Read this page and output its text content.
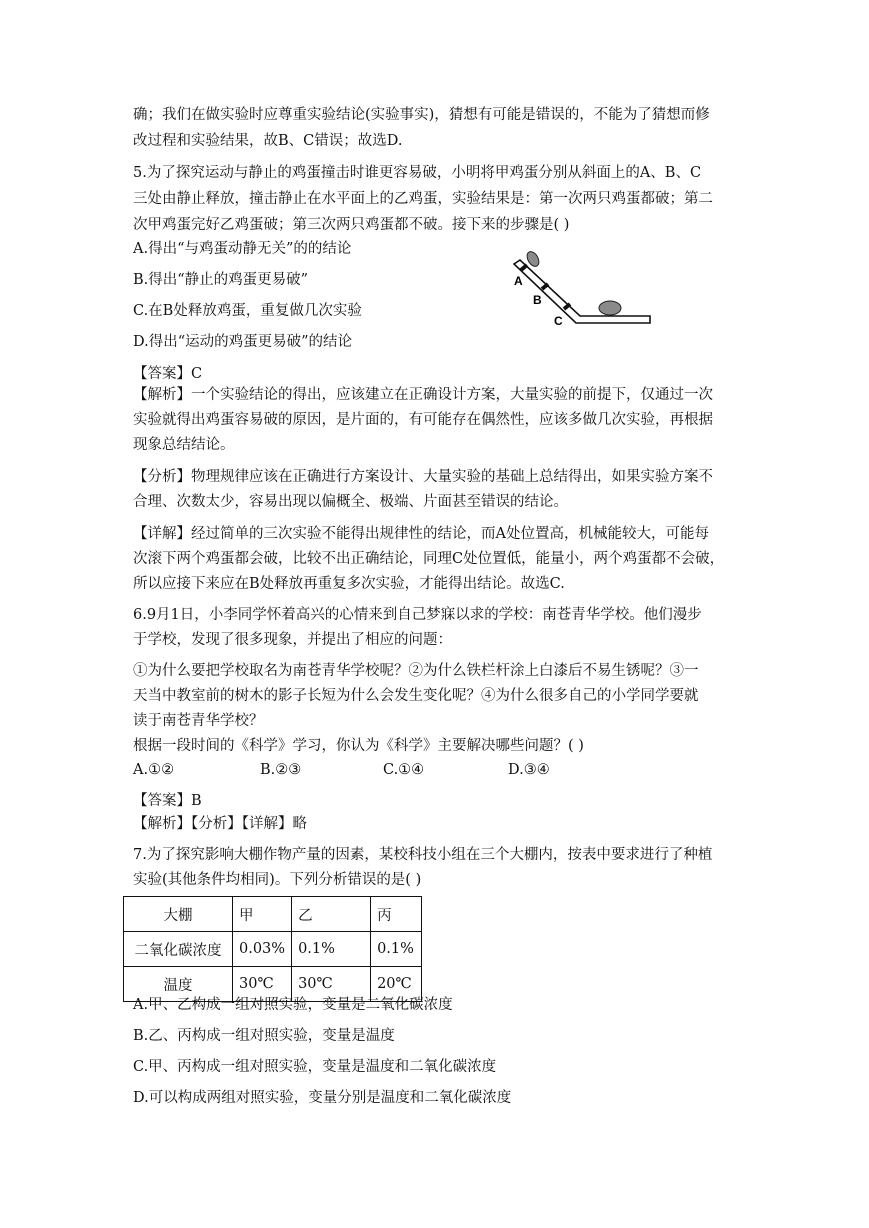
确；我们在做实验时应尊重实验结论(实验事实)，猜想有可能是错误的，不能为了猜想而修
改过程和实验结果，故B、C错误；故选D.
5.为了探究运动与静止的鸡蛋撞击时谁更容易破，小明将甲鸡蛋分别从斜面上的A、B、C
三处由静止释放，撞击静止在水平面上的乙鸡蛋，实验结果是：第一次两只鸡蛋都破；第二
次甲鸡蛋完好乙鸡蛋破；第三次两只鸡蛋都不破。接下来的步骤是( )
A.得出“与鸡蛋动静无关”的的结论
B.得出“静止的鸡蛋更易破”
C.在B处释放鸡蛋，重复做几次实验
D.得出“运动的鸡蛋更易破”的结论
A
B
C
【答案】C
【解析】一个实验结论的得出，应该建立在正确设计方案，大量实验的前提下，仅通过一次
实验就得出鸡蛋容易破的原因，是片面的，有可能存在偶然性，应该多做几次实验，再根据
现象总结结论。
【分析】物理规律应该在正确进行方案设计、大量实验的基础上总结得出，如果实验方案不
合理、次数太少，容易出现以偏概全、极端、片面甚至错误的结论。
【详解】经过简单的三次实验不能得出规律性的结论，而A处位置高，机械能较大，可能每
次滚下两个鸡蛋都会破，比较不出正确结论，同理C处位置低，能量小，两个鸡蛋都不会破，
所以应接下来应在B处释放再重复多次实验，才能得出结论。故选C.
6.9月1日，小李同学怀着高兴的心情来到自己梦寐以求的学校：南苍青华学校。他们漫步
于学校，发现了很多现象，并提出了相应的问题：
①为什么要把学校取名为南苍青华学校呢？②为什么铁栏杆涂上白漆后不易生锈呢？③一
天当中教室前的树木的影子长短为什么会发生变化呢？④为什么很多自己的小学同学要就
读于南苍青华学校？
根据一段时间的《科学》学习，你认为《科学》主要解决哪些问题？( )
A.①②	B.②③	C.①④	D.③④
【答案】B
【解析】【分析】【详解】略
7.为了探究影响大棚作物产量的因素，某校科技小组在三个大棚内，按表中要求进行了种植
实验(其他条件均相同)。下列分析错误的是( )
大棚	甲	乙	丙
二氧化碳浓度	0.03%	0.1%	0.1%
温度	30℃	30℃	20℃
A.甲、乙构成一组对照实验，变量是二氧化碳浓度
B.乙、丙构成一组对照实验，变量是温度
C.甲、丙构成一组对照实验，变量是温度和二氧化碳浓度
D.可以构成两组对照实验，变量分别是温度和二氧化碳浓度
